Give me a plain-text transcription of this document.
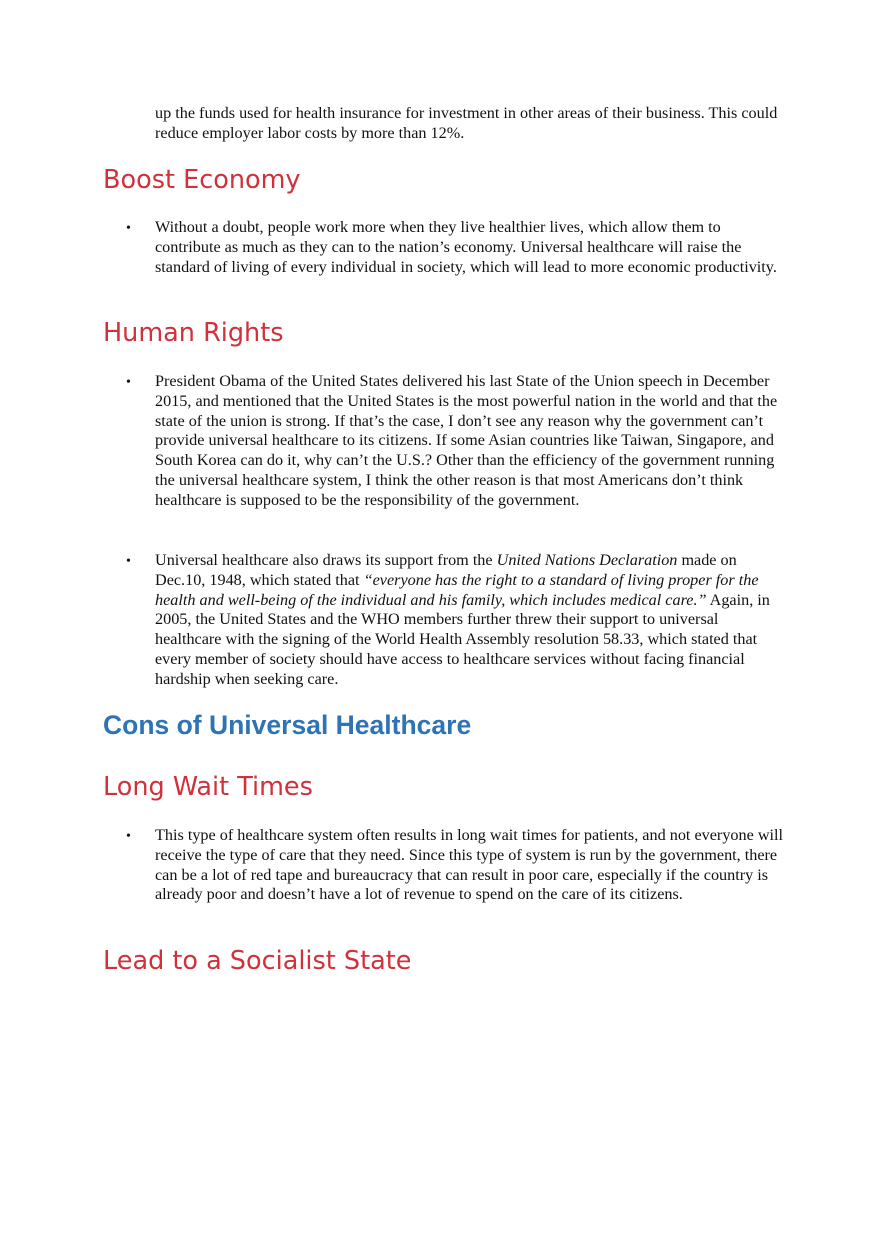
up the funds used for health insurance for investment in other areas of their business. This could reduce employer labor costs by more than 12%.

Boost Economy
• Without a doubt, people work more when they live healthier lives, which allow them to contribute as much as they can to the nation’s economy. Universal healthcare will raise the standard of living of every individual in society, which will lead to more economic productivity.

Human Rights
• President Obama of the United States delivered his last State of the Union speech in December 2015, and mentioned that the United States is the most powerful nation in the world and that the state of the union is strong. If that’s the case, I don’t see any reason why the government can’t provide universal healthcare to its citizens. If some Asian countries like Taiwan, Singapore, and South Korea can do it, why can’t the U.S.? Other than the efficiency of the government running the universal healthcare system, I think the other reason is that most Americans don’t think healthcare is supposed to be the responsibility of the government.

• Universal healthcare also draws its support from the United Nations Declaration made on Dec.10, 1948, which stated that “everyone has the right to a standard of living proper for the health and well-being of the individual and his family, which includes medical care.” Again, in 2005, the United States and the WHO members further threw their support to universal healthcare with the signing of the World Health Assembly resolution 58.33, which stated that every member of society should have access to healthcare services without facing financial hardship when seeking care.

Cons of Universal Healthcare
Long Wait Times
• This type of healthcare system often results in long wait times for patients, and not everyone will receive the type of care that they need. Since this type of system is run by the government, there can be a lot of red tape and bureaucracy that can result in poor care, especially if the country is already poor and doesn’t have a lot of revenue to spend on the care of its citizens.

Lead to a Socialist State
